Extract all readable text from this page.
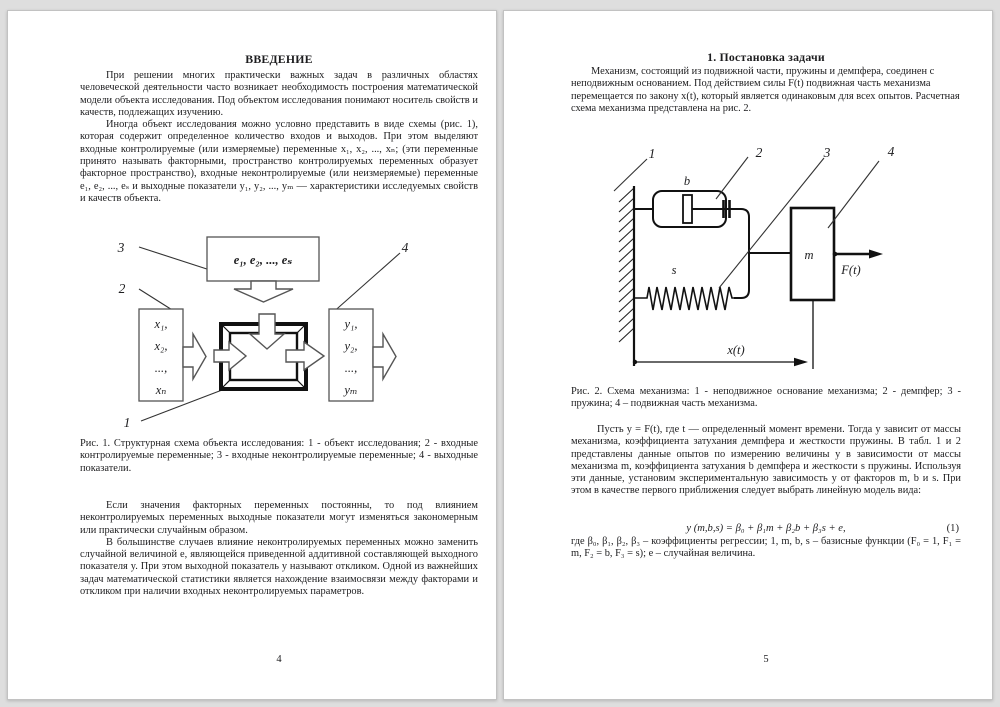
ВВЕДЕНИЕ

При решении многих практически важных задач в различных областях человеческой деятельности часто возникает необходимость построения математической модели объекта исследования. Под объектом исследования понимают носитель свойств и качеств, подлежащих изучению.

Иногда объект исследования можно условно представить в виде схемы (рис. 1), которая содержит определенное количество входов и выходов. При этом выделяют входные контролируемые (или измеряемые) переменные x₁, x₂, ..., xₙ; (эти переменные принято называть факторными, пространство контролируемых переменных образует факторное пространство), входные неконтролируемые (или неизмеряемые) переменные e₁, e₂, ..., eₛ и выходные показатели y₁, y₂, ..., yₘ — характеристики исследуемых свойств и качеств объекта.

e₁, e₂, ..., eₛ
x₁,
x₂,
...,
xₙ
y₁,
y₂,
...,
yₘ
3
2
4
1

Рис. 1. Структурная схема объекта исследования: 1 - объект исследования; 2 - входные контролируемые переменные; 3 - входные неконтролируемые переменные; 4 - выходные показатели.

Если значения факторных переменных постоянны, то под влиянием неконтролируемых переменных выходные показатели могут изменяться закономерным или практически случайным образом.

В большинстве случаев влияние неконтролируемых переменных можно заменить случайной величиной e, являющейся приведенной аддитивной составляющей выходного показателя y. При этом выходной показатель y называют откликом. Одной из важнейших задач математической статистики является нахождение взаимосвязи между факторами и откликом при наличии входных неконтролируемых параметров.

4
1. Постановка задачи

Механизм, состоящий из подвижной части, пружины и демпфера, соединен с неподвижным основанием. Под действием силы F(t) подвижная часть механизма перемещается по закону x(t), который является одинаковым для всех опытов. Расчетная схема механизма представлена на рис. 2.

1	2	3	4
b
s
m
F(t)
x(t)

Рис. 2. Схема механизма: 1 - неподвижное основание механизма; 2 - демпфер; 3 - пружина; 4 – подвижная часть механизма.

Пусть y = F(t), где t — определенный момент времени. Тогда y зависит от массы механизма, коэффициента затухания демпфера и жесткости пружины. В табл. 1 и 2 представлены данные опытов по измерению величины y в зависимости от массы механизма m, коэффициента затухания b демпфера и жесткости s пружины. Используя эти данные, установим экспериментальную зависимость y от факторов m, b и s. При этом в качестве первого приближения следует выбрать линейную модель вида:

y (m,b,s) = β₀ + β₁m + β₂b + β₃s + e,	(1)

где β₀, β₁, β₂, β₃ – коэффициенты регрессии; 1, m, b, s – базисные функции (F₀ = 1, F₁ = m, F₂ = b, F₃ = s); e – случайная величина.

5
